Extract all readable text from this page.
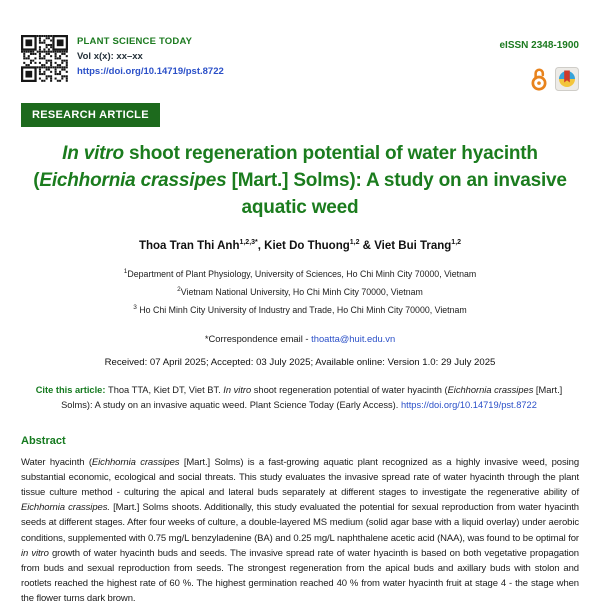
PLANT SCIENCE TODAY
Vol x(x): xx–xx
https://doi.org/10.14719/pst.8722
eISSN 2348-1900
RESEARCH ARTICLE
In vitro shoot regeneration potential of water hyacinth (Eichhornia crassipes [Mart.] Solms): A study on an invasive aquatic weed
Thoa Tran Thi Anh$^{1,2,3*}$, Kiet Do Thuong$^{1,2}$ & Viet Bui Trang$^{1,2}$
$^1$Department of Plant Physiology, University of Sciences, Ho Chi Minh City 70000, Vietnam
$^2$Vietnam National University, Ho Chi Minh City 70000, Vietnam
$^3$ Ho Chi Minh City University of Industry and Trade, Ho Chi Minh City 70000, Vietnam
*Correspondence email - thoatta@huit.edu.vn
Received: 07 April 2025; Accepted: 03 July 2025; Available online: Version 1.0: 29 July 2025
Cite this article: Thoa TTA, Kiet DT, Viet BT. In vitro shoot regeneration potential of water hyacinth (Eichhornia crassipes [Mart.] Solms): A study on an invasive aquatic weed. Plant Science Today (Early Access). https://doi.org/10.14719/pst.8722
Abstract

Water hyacinth (Eichhornia crassipes [Mart.] Solms) is a fast-growing aquatic plant recognized as a highly invasive weed, posing substantial economic, ecological and social threats. This study evaluates the invasive spread rate of water hyacinth through the plant tissue culture method - culturing the apical and lateral buds separately at different stages to investigate the regenerative ability of Eichhornia crassipes. [Mart.] Solms shoots. Additionally, this study evaluated the potential for sexual reproduction from water hyacinth seeds at different stages. After four weeks of culture, a double-layered MS medium (solid agar base with a liquid overlay) under aerobic conditions, supplemented with 0.75 mg/L benzyladenine (BA) and 0.25 mg/L naphthalene acetic acid (NAA), was found to be optimal for in vitro growth of water hyacinth buds and seeds. The invasive spread rate of water hyacinth is based on both vegetative propagation from buds and sexual reproduction from seeds. The strongest regeneration from the apical buds and axillary buds with stolon and rootlets reached the highest rate of 60 %. The highest germination reached 40 % from water hyacinth fruit at stage 4 - the stage when the flower turns dark brown.
